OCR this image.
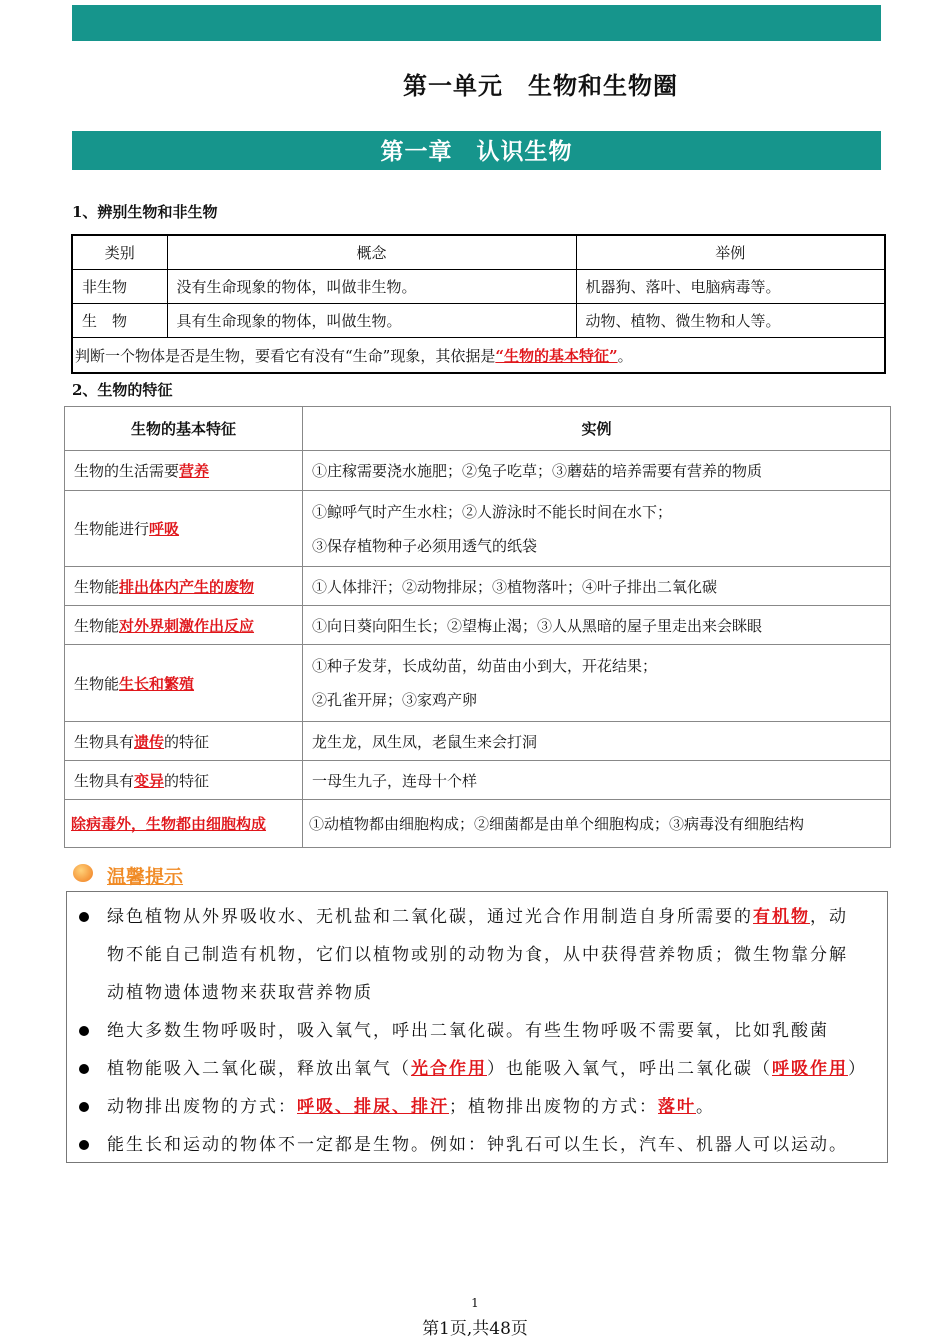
第一单元　生物和生物圈
第一章　认识生物
1、辨别生物和非生物
类别	概念	举例
非生物	没有生命现象的物体，叫做非生物。	机器狗、落叶、电脑病毒等。
生　物	具有生命现象的物体，叫做生物。	动物、植物、微生物和人等。
判断一个物体是否是生物，要看它有没有“生命”现象，其依据是“生物的基本特征”。		
2、生物的特征
生物的基本特征	实例
生物的生活需要营养	①庄稼需要浇水施肥；②兔子吃草；③蘑菇的培养需要有营养的物质
生物能进行呼吸	①鲸呼气时产生水柱；②人游泳时不能长时间在水下；
③保存植物种子必须用透气的纸袋

生物能排出体内产生的废物	①人体排汗；②动物排尿；③植物落叶；④叶子排出二氧化碳
生物能对外界刺激作出反应	①向日葵向阳生长；②望梅止渴；③人从黑暗的屋子里走出来会眯眼
生物能生长和繁殖	①种子发芽，长成幼苗，幼苗由小到大，开花结果；
②孔雀开屏；③家鸡产卵

生物具有遗传的特征	龙生龙，凤生凤，老鼠生来会打洞
生物具有变异的特征	一母生九子，连母十个样
除病毒外，生物都由细胞构成	①动植物都由细胞构成；②细菌都是由单个细胞构成；③病毒没有细胞结构
温馨提示
绿色植物从外界吸收水、无机盐和二氧化碳，通过光合作用制造自身所需要的有机物，动
物不能自己制造有机物，它们以植物或别的动物为食，从中获得营养物质；微生物靠分解
动植物遗体遗物来获取营养物质
绝大多数生物呼吸时，吸入氧气，呼出二氧化碳。有些生物呼吸不需要氧，比如乳酸菌
植物能吸入二氧化碳，释放出氧气（光合作用）也能吸入氧气，呼出二氧化碳（呼吸作用）
动物排出废物的方式：呼吸、排尿、排汗；植物排出废物的方式：落叶。
能生长和运动的物体不一定都是生物。例如：钟乳石可以生长，汽车、机器人可以运动。
1
第1页,共48页
